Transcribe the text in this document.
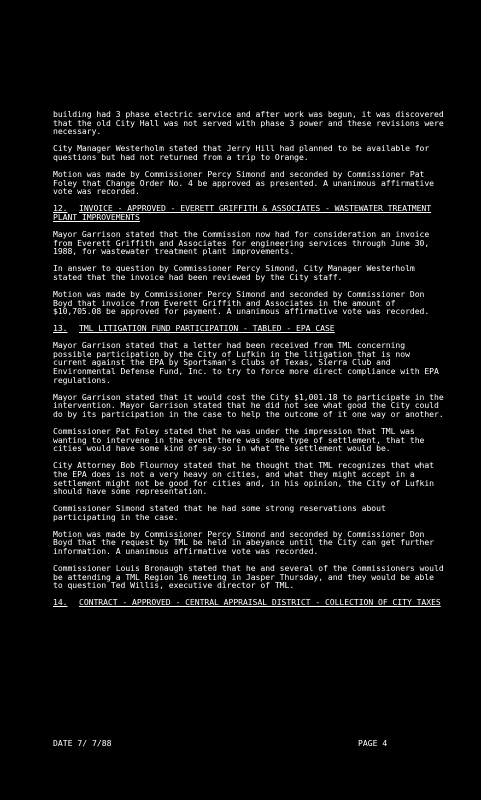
building had 3 phase electric service and after work was begun, it was discovered that the old City Hall was not served with phase 3 power and these revisions were necessary.

City Manager Westerholm stated that Jerry Hill had planned to be available for questions but had not returned from a trip to Orange.

Motion was made by Commissioner Percy Simond and seconded by Commissioner Pat Foley that Change Order No. 4 be approved as presented. A unanimous affirmative vote was recorded.

12. INVOICE - APPROVED - EVERETT GRIFFITH & ASSOCIATES - WASTEWATER TREATMENT PLANT IMPROVEMENTS

Mayor Garrison stated that the Commission now had for consideration an invoice from Everett Griffith and Associates for engineering services through June 30, 1988, for wastewater treatment plant improvements.

In answer to question by Commissioner Percy Simond, City Manager Westerholm stated that the invoice had been reviewed by the City staff.

Motion was made by Commissioner Percy Simond and seconded by Commissioner Don Boyd that invoice from Everett Griffith and Associates in the amount of $10,705.08 be approved for payment. A unanimous affirmative vote was recorded.

13. TML LITIGATION FUND PARTICIPATION - TABLED - EPA CASE

Mayor Garrison stated that a letter had been received from TML concerning possible participation by the City of Lufkin in the litigation that is now current against the EPA by Sportsman's Clubs of Texas, Sierra Club and Environmental Defense Fund, Inc. to try to force more direct compliance with EPA regulations.

Mayor Garrison stated that it would cost the City $1,001.18 to participate in the intervention. Mayor Garrison stated that he did not see what good the City could do by its participation in the case to help the outcome of it one way or another.

Commissioner Pat Foley stated that he was under the impression that TML was wanting to intervene in the event there was some type of settlement, that the cities would have some kind of say-so in what the settlement would be.

City Attorney Bob Flournoy stated that he thought that TML recognizes that what the EPA does is not a very heavy on cities, and what they might accept in a settlement might not be good for cities and, in his opinion, the City of Lufkin should have some representation.

Commissioner Simond stated that he had some strong reservations about participating in the case.

Motion was made by Commissioner Percy Simond and seconded by Commissioner Don Boyd that the request by TML be held in abeyance until the City can get further information. A unanimous affirmative vote was recorded.

Commissioner Louis Bronaugh stated that he and several of the Commissioners would be attending a TML Region 16 meeting in Jasper Thursday, and they would be able to question Ted Willis, executive director of TML.

14. CONTRACT - APPROVED - CENTRAL APPRAISAL DISTRICT - COLLECTION OF CITY TAXES
DATE 7/ 7/88	PAGE 4
